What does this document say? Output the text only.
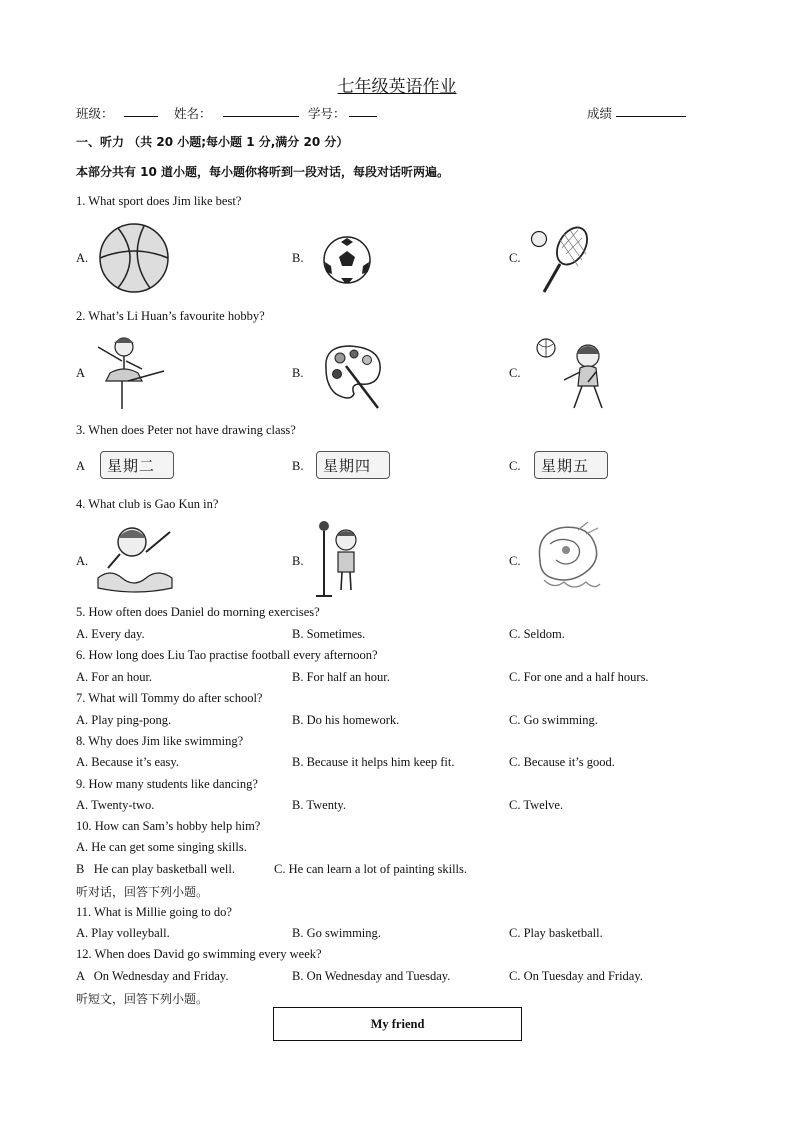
七年级英语作业
班级：	姓名：	学号：	成绩
一、听力 （共 20 小题;每小题 1 分,满分 20 分）
本部分共有 10 道小题，每小题你将听到一段对话，每段对话听两遍。
1. What sport does Jim like best?
A.	B.	C.
2. What’s Li Huan’s favourite hobby?
A	B.	C.
3. When does Peter not have drawing class?
A 星期二	B. 星期四	C. 星期五
4. What club is Gao Kun in?
A.	B.	C.
5. How often does Daniel do morning exercises?
A. Every day.	B. Sometimes.	C. Seldom.
6. How long does Liu Tao practise football every afternoon?
A. For an hour.	B. For half an hour.	C. For one and a half hours.
7. What will Tommy do after school?
A. Play ping-pong.	B. Do his homework.	C. Go swimming.
8. Why does Jim like swimming?
A. Because it’s easy.	B. Because it helps him keep fit.	C. Because it’s good.
9. How many students like dancing?
A. Twenty-two.	B. Twenty.	C. Twelve.
10. How can Sam’s hobby help him?
A. He can get some singing skills.
B   He can play basketball well.	C. He can learn a lot of painting skills.
听对话，回答下列小题。
11. What is Millie going to do?
A. Play volleyball.	B. Go swimming.	C. Play basketball.
12. When does David go swimming every week?
A   On Wednesday and Friday.	B. On Wednesday and Tuesday.	C. On Tuesday and Friday.
听短文，回答下列小题。
My friend
